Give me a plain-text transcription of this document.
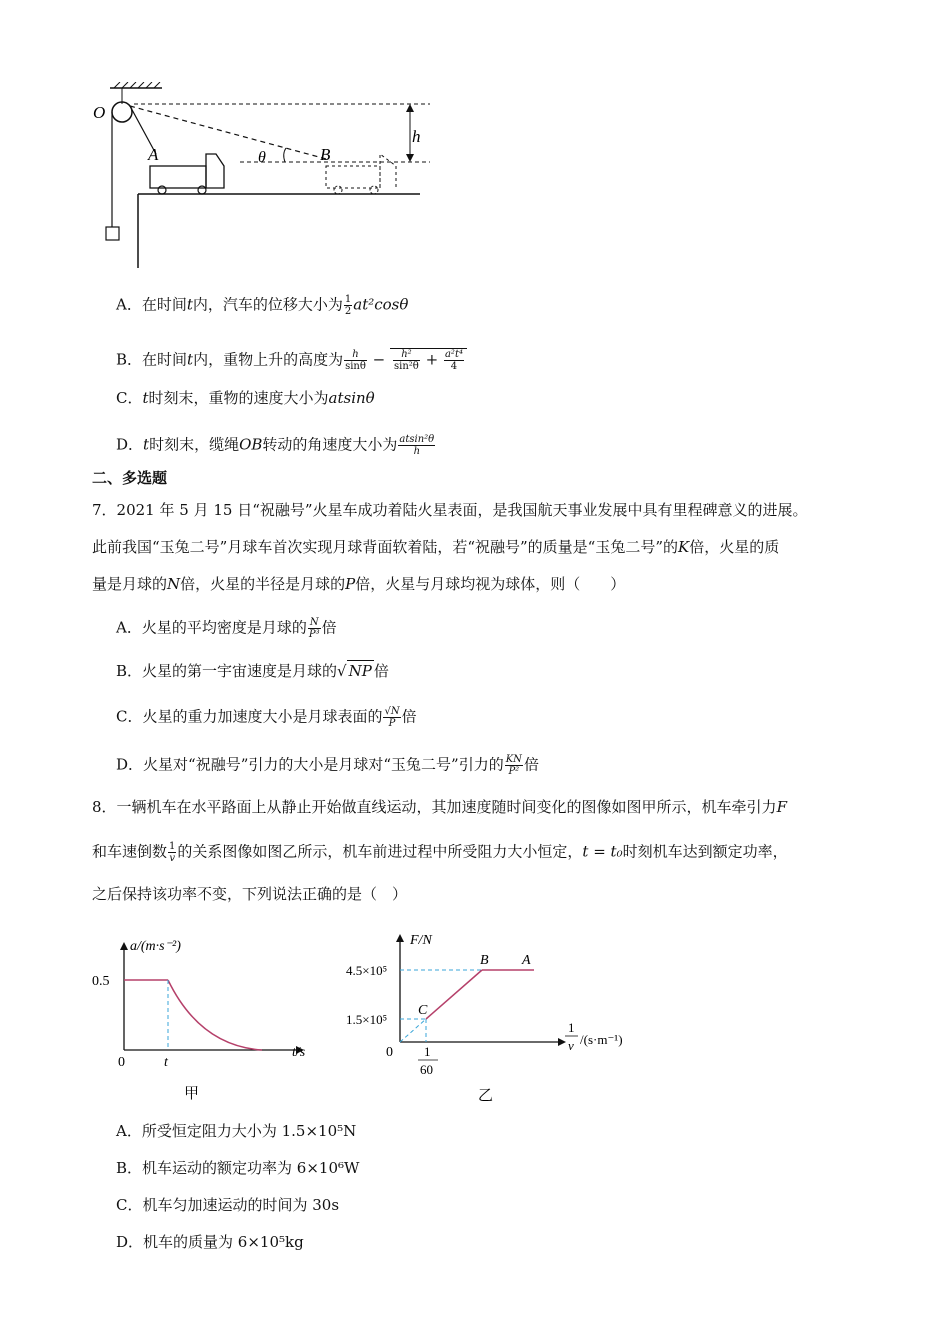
O
A	B
θ
h
A．在时间t内，汽车的位移大小为 $\frac{1}{2} at^2\cos\theta$
B．在时间t内，重物上升的高度为 $\frac{h}{\sin\theta} - \frac{\text{h²}}{\text{sin²θ}} + \frac{\text{a²t⁴}}{4}$
C．t时刻末，重物的速度大小为atsinθ
D．t时刻末，缆绳OB转动的角速度大小为 $\frac{\text{atsin²θ}}{h}$
二、多选题
7．2021 年 5 月 15 日“祝融号”火星车成功着陆火星表面，是我国航天事业发展中具有里程碑意义的进展。
此前我国“玉兔二号”月球车首次实现月球背面软着陆，若“祝融号”的质量是“玉兔二号”的K倍，火星的质
量是月球的N倍，火星的半径是月球的P倍，火星与月球均视为球体，则（　　）
A．火星的平均密度是月球的 $\frac{N}{\text{P³}}$ 倍
B．火星的第一宇宙速度是月球的√ NP 倍
C．火星的重力加速度大小是月球表面的 $\frac{√N}{P}$ 倍
D．火星对“祝融号”引力的大小是月球对“玉兔二号”引力的 $\frac{KN}{\text{P²}}$ 倍
8．一辆机车在水平路面上从静止开始做直线运动，其加速度随时间变化的图像如图甲所示，机车牵引力F
和车速倒数 $\frac{1}{v}$ 的关系图像如图乙所示，机车前进过程中所受阻力大小恒定，t = t₀时刻机车达到额定功率，
之后保持该功率不变，下列说法正确的是（　）
a/(m·s⁻²)
0.5
0	t
t/s
甲
F/N
4.5×10⁵
1.5×10⁵
0
B A
C
1
60
1
v /(s·m⁻¹)
乙
A．所受恒定阻力大小为 1.5×10⁵N
B．机车运动的额定功率为 6×10⁶W
C．机车匀加速运动的时间为 30s
D．机车的质量为 6×10⁵kg
